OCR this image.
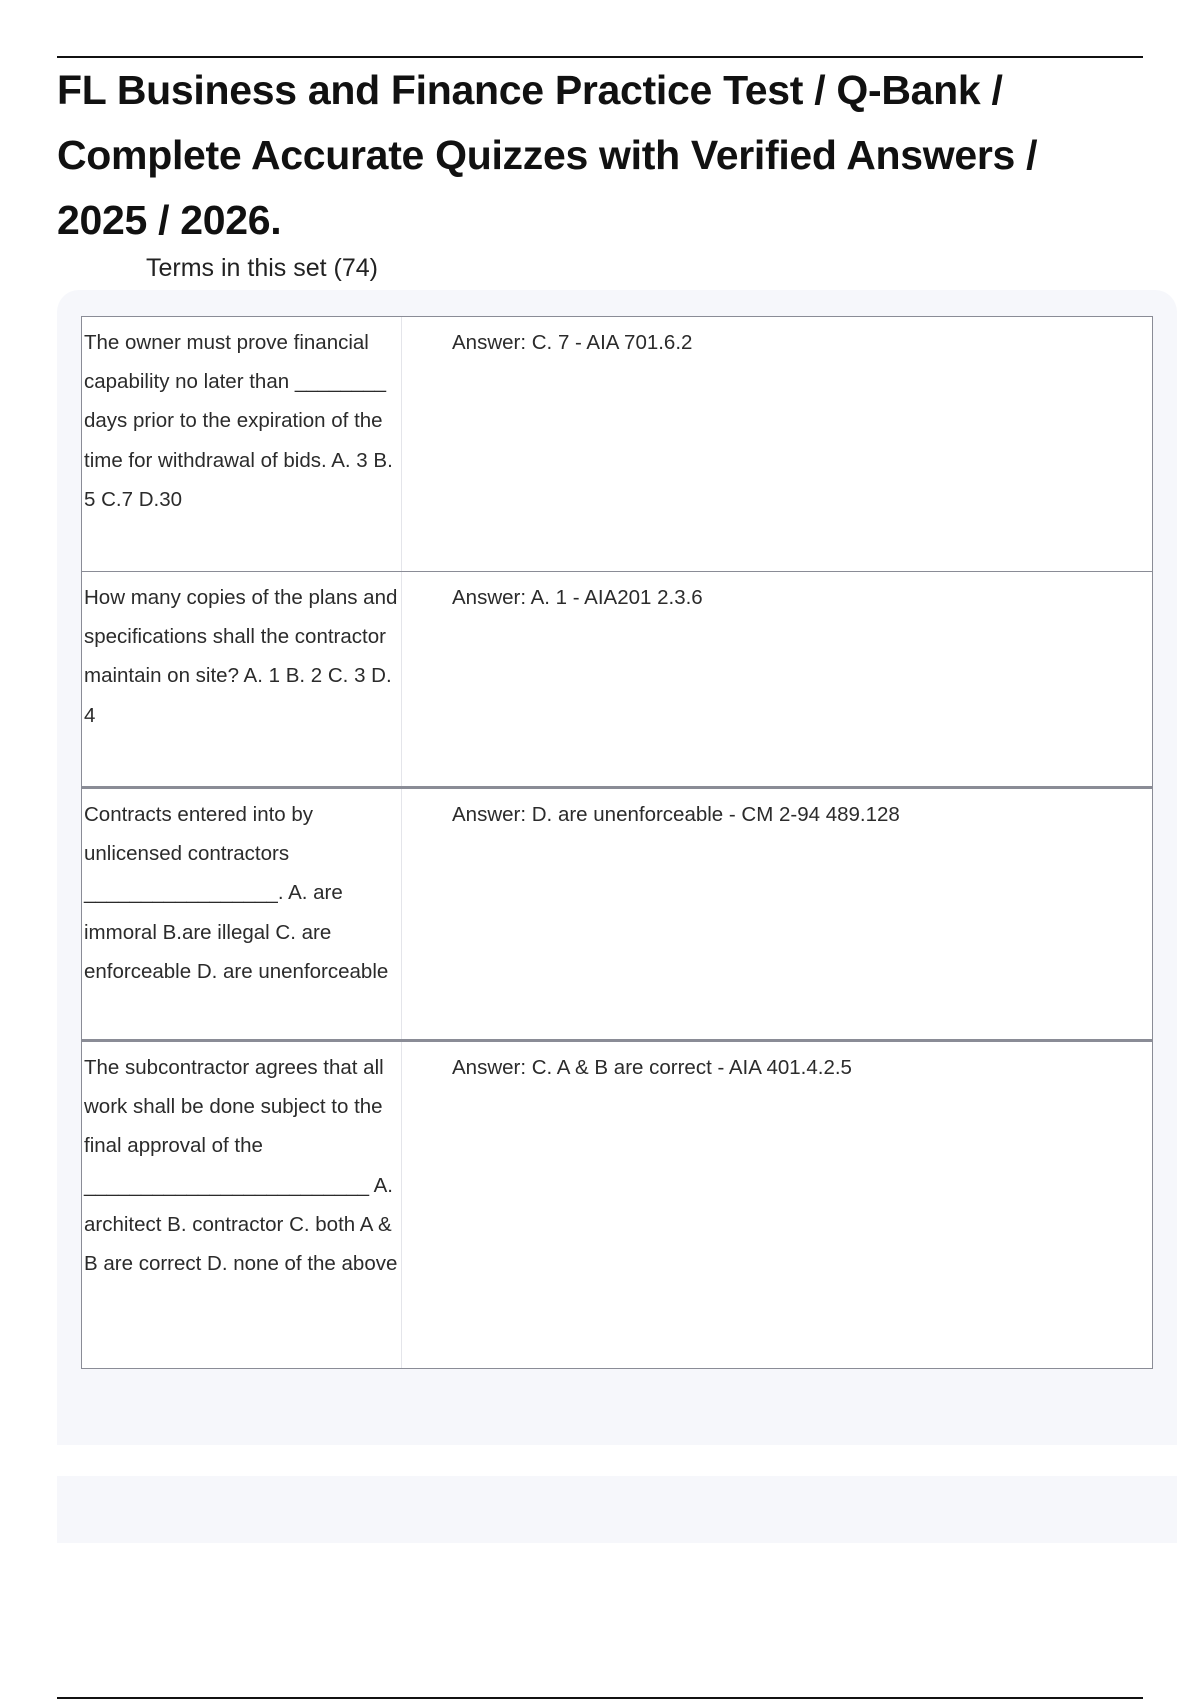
FL Business and Finance Practice Test / Q-Bank / Complete Accurate Quizzes with Verified Answers / 2025 / 2026.
Terms in this set (74)
The owner must prove financial capability no later than ________ days prior to the expiration of the time for withdrawal of bids. A. 3 B. 5 C.7 D.30
Answer: C. 7 - AIA 701.6.2
How many copies of the plans and specifications shall the contractor maintain on site? A. 1 B. 2 C. 3 D. 4
Answer: A. 1 - AIA201 2.3.6
Contracts entered into by unlicensed contractors _________________. A. are immoral B.are illegal C. are enforceable D. are unenforceable
Answer: D. are unenforceable - CM 2-94 489.128
The subcontractor agrees that all work shall be done subject to the final approval of the _________________________ A. architect B. contractor C. both A & B are correct D. none of the above
Answer: C. A & B are correct - AIA 401.4.2.5
